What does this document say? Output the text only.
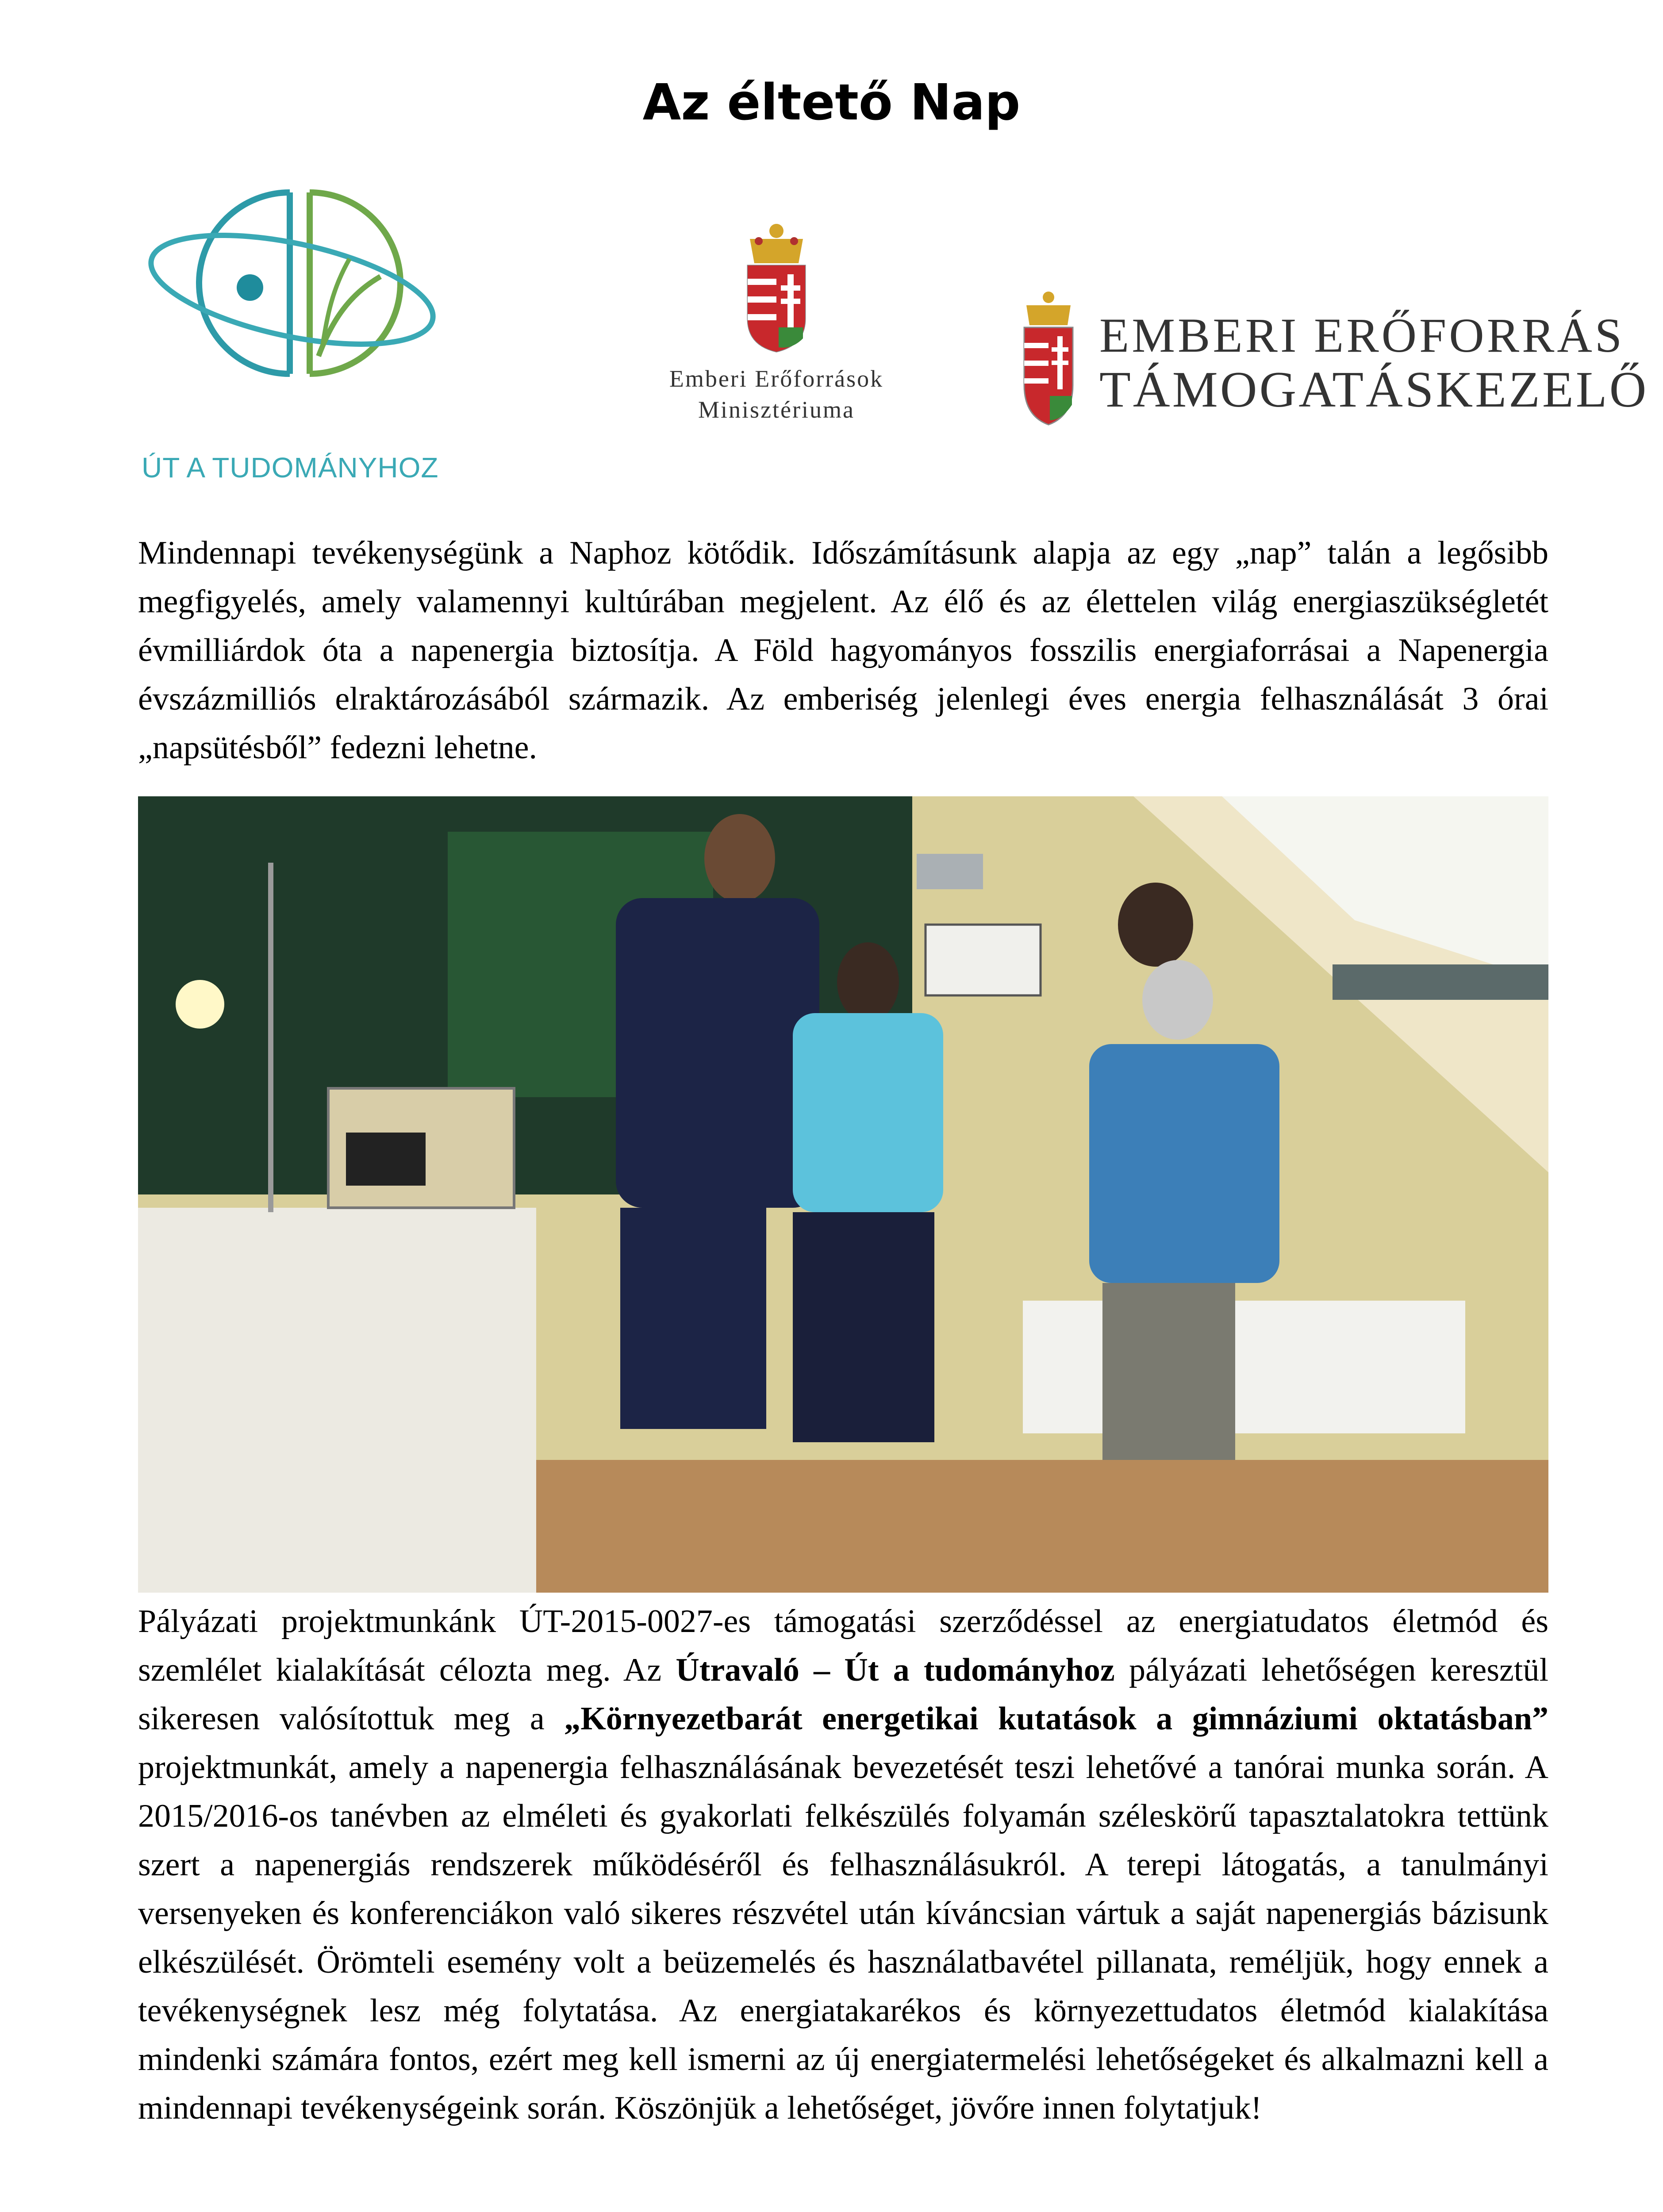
Az éltető Nap
ÚT A TUDOMÁNYHOZ
Emberi Erőforrások
Minisztériuma
EMBERI ERŐFORRÁS
TÁMOGATÁSKEZELŐ

Mindennapi tevékenységünk a Naphoz kötődik. Időszámításunk alapja az egy „nap” talán a legősibb megfigyelés, amely valamennyi kultúrában megjelent. Az élő és az élettelen világ energiaszükségletét évmilliárdok óta a napenergia biztosítja. A Föld hagyományos fosszilis energiaforrásai a Napenergia évszázmilliós elraktározásából származik. Az emberiség jelenlegi éves energia felhasználását 3 órai „napsütésből” fedezni lehetne.

Pályázati projektmunkánk ÚT-2015-0027-es támogatási szerződéssel az energiatudatos életmód és szemlélet kialakítását célozta meg. Az Útravaló – Út a tudományhoz pályázati lehetőségen keresztül sikeresen valósítottuk meg a „Környezetbarát energetikai kutatások a gimnáziumi oktatásban” projektmunkát, amely a napenergia felhasználásának bevezetését teszi lehetővé a tanórai munka során. A 2015/2016-os tanévben az elméleti és gyakorlati felkészülés folyamán széleskörű tapasztalatokra tettünk szert a napenergiás rendszerek működéséről és felhasználásukról. A terepi látogatás, a tanulmányi versenyeken és konferenciákon való sikeres részvétel után kíváncsian vártuk a saját napenergiás bázisunk elkészülését. Örömteli esemény volt a beüzemelés és használatbavétel pillanata, reméljük, hogy ennek a tevékenységnek lesz még folytatása. Az energiatakarékos és környezettudatos életmód kialakítása mindenki számára fontos, ezért meg kell ismerni az új energiatermelési lehetőségeket és alkalmazni kell a mindennapi tevékenységeink során. Köszönjük a lehetőséget, jövőre innen folytatjuk!
